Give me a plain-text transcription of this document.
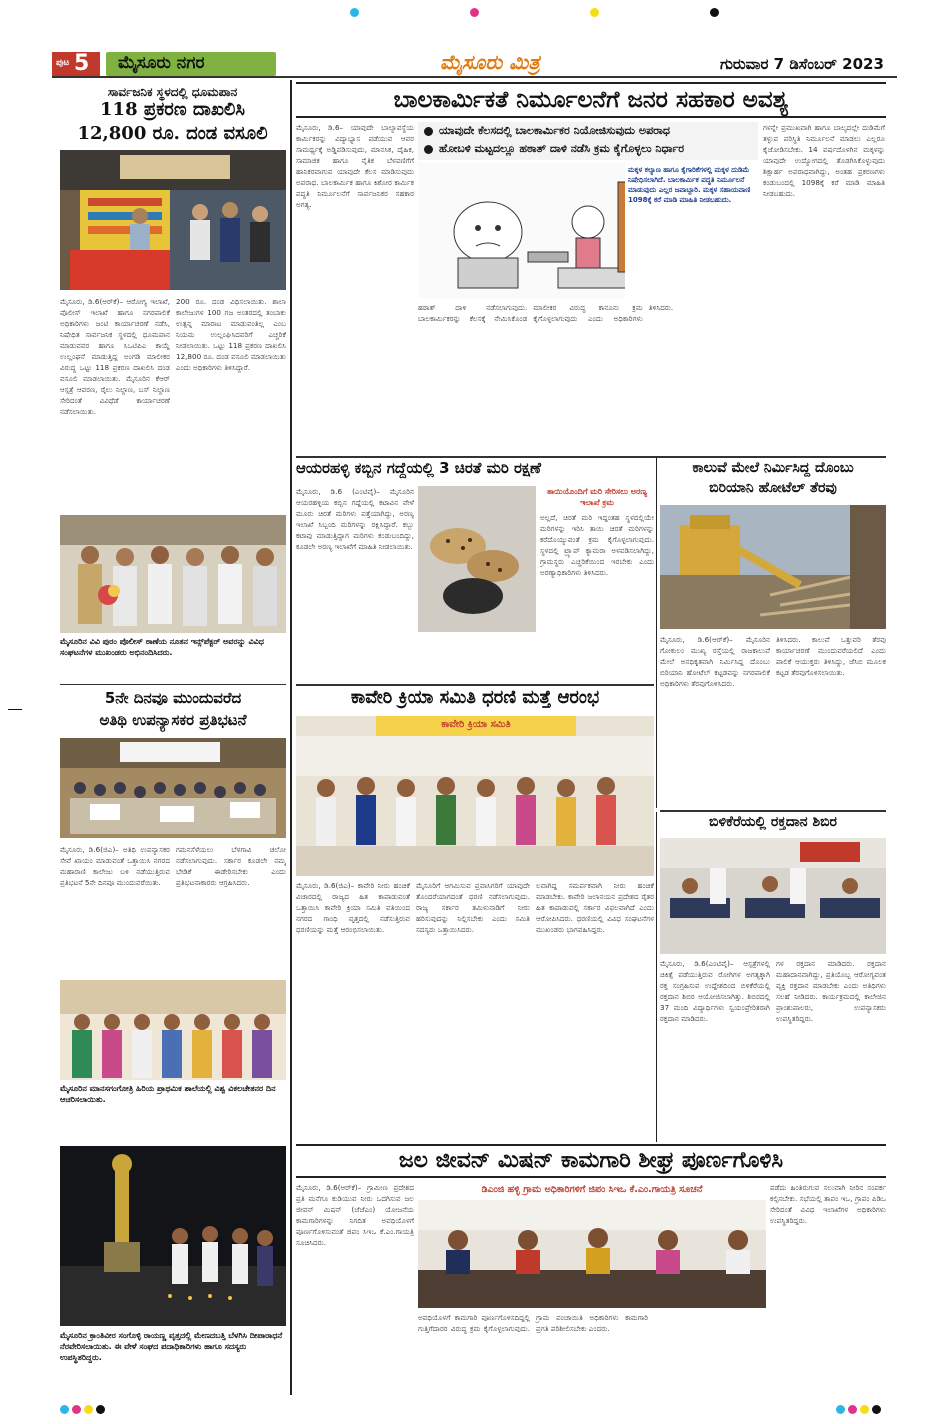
ಪುಟ 5	ಮೈಸೂರು ನಗರ	ಮೈಸೂರು ಮಿತ್ರ	ಗುರುವಾರ 7 ಡಿಸೆಂಬರ್ 2023
ಸಾರ್ವಜನಿಕ ಸ್ಥಳದಲ್ಲಿ ಧೂಮಪಾನ
118 ಪ್ರಕರಣ ದಾಖಲಿಸಿ
12,800 ರೂ. ದಂಡ ವಸೂಲಿ
ಮೈಸೂರು, ಡಿ.6(ಆರ್‌ಕೆ)– ಆರೋಗ್ಯ ಇಲಾಖೆ, ಪೊಲೀಸ್ ಇಲಾಖೆ ಹಾಗೂ ನಗರಪಾಲಿಕೆ ಅಧಿಕಾರಿಗಳು ಜಂಟಿ ಕಾರ್ಯಾಚರಣೆ ನಡೆಸಿ, ನಿಷೇಧಿತ ಸಾರ್ವಜನಿಕ ಸ್ಥಳದಲ್ಲಿ ಧೂಮಪಾನ ಮಾಡುವವರ ಹಾಗೂ ಸಿಒಟಿಪಿಎ ಕಾಯ್ದೆ ಉಲ್ಲಂಘನೆ ಮಾಡುತ್ತಿದ್ದ ಅಂಗಡಿ ಮಾಲೀಕರ ವಿರುದ್ಧ ಒಟ್ಟು 118 ಪ್ರಕರಣ ದಾಖಲಿಸಿ ದಂಡ ವಸೂಲಿ ಮಾಡಲಾಯಿತು. ಮೈಸೂರಿನ ಕೆಆರ್ ಆಸ್ಪತ್ರೆ ಆವರಣ, ರೈಲು ನಿಲ್ದಾಣ, ಬಸ್ ನಿಲ್ದಾಣ ಸೇರಿದಂತೆ ವಿವಿಧೆಡೆ ಕಾರ್ಯಾಚರಣೆ ನಡೆಸಲಾಯಿತು.
200 ರೂ. ದಂಡ ವಿಧಿಸಲಾಯಿತು. ಶಾಲಾ ಕಾಲೇಜುಗಳ 100 ಗಜ ಅಂತರದಲ್ಲಿ ತಂಬಾಕು ಉತ್ಪನ್ನ ಮಾರಾಟ ಮಾಡುವಂತಿಲ್ಲ ಎಂಬ ನಿಯಮ ಉಲ್ಲಂಘಿಸಿದವರಿಗೆ ಎಚ್ಚರಿಕೆ ನೀಡಲಾಯಿತು. ಒಟ್ಟು 118 ಪ್ರಕರಣ ದಾಖಲಿಸಿ 12,800 ರೂ. ದಂಡ ವಸೂಲಿ ಮಾಡಲಾಯಿತು ಎಂದು ಅಧಿಕಾರಿಗಳು ತಿಳಿಸಿದ್ದಾರೆ.
ಮೈಸೂರಿನ ವಿವಿ ಪುರಂ ಪೊಲೀಸ್ ಠಾಣೆಯ ನೂತನ ಇನ್ಸ್‌ಪೆಕ್ಟರ್ ಅವರನ್ನು ವಿವಿಧ ಸಂಘಟನೆಗಳ ಮುಖಂಡರು ಅಭಿನಂದಿಸಿದರು.
5ನೇ ದಿನವೂ ಮುಂದುವರೆದ
ಅತಿಥಿ ಉಪನ್ಯಾಸಕರ ಪ್ರತಿಭಟನೆ
ಮೈಸೂರು, ಡಿ.6(ಜಿಎ)– ಅತಿಥಿ ಉಪನ್ಯಾಸಕರ ಸೇವೆ ಖಾಯಂ ಮಾಡುವಂತೆ ಒತ್ತಾಯಿಸಿ ನಗರದ ಮಹಾರಾಣಿ ಕಾಲೇಜು ಬಳಿ ನಡೆಯುತ್ತಿರುವ ಪ್ರತಿಭಟನೆ 5ನೇ ದಿನವೂ ಮುಂದುವರೆಯಿತು.
ಗಮನಸೆಳೆಯಲು ಬೆಳಗಾವಿ ಚಲೋ ನಡೆಸಲಾಗುವುದು. ಸರ್ಕಾರ ಕೂಡಲೇ ನಮ್ಮ ಬೇಡಿಕೆ ಈಡೇರಿಸಬೇಕು ಎಂದು ಪ್ರತಿಭಟನಾಕಾರರು ಆಗ್ರಹಿಸಿದರು.
ಮೈಸೂರಿನ ಮಾನಸಗಂಗೋತ್ರಿ ಹಿರಿಯ ಪ್ರಾಥಮಿಕ ಶಾಲೆಯಲ್ಲಿ ವಿಶ್ವ ವಿಕಲಚೇತನರ ದಿನ ಆಚರಿಸಲಾಯಿತು.
ಬಾಲಕಾರ್ಮಿಕತೆ ನಿರ್ಮೂಲನೆಗೆ ಜನರ ಸಹಕಾರ ಅವಶ್ಯ
ಮೈಸೂರು, ಡಿ.6– ಯಾವುದೇ ಬಾಲ್ಯಾವಸ್ಥೆಯ ಕಾರ್ಮಿಕರನ್ನು ವಿದ್ಯಾಭ್ಯಾಸ ಪಡೆಯುವ ಆವರ ಸಾಮರ್ಥ್ಯಕ್ಕೆ ಅಡ್ಡಿಪಡಿಸುವುದು, ಮಾನಸಿಕ, ದೈಹಿಕ, ಸಾಮಾಜಿಕ ಹಾಗೂ ನೈತಿಕ ಬೆಳವಣಿಗೆಗೆ ಹಾನಿಕರವಾಗುವ ಯಾವುದೇ ಕೆಲಸ ಮಾಡಿಸುವುದು ಅಪರಾಧ. ಬಾಲಕಾರ್ಮಿಕ ಹಾಗೂ ಕಿಶೋರ ಕಾರ್ಮಿಕ ಪದ್ಧತಿ ನಿರ್ಮೂಲನೆಗೆ ಸಾರ್ವಜನಿಕರ ಸಹಕಾರ ಅಗತ್ಯ.
ಯಾವುದೇ ಕೆಲಸದಲ್ಲಿ ಬಾಲಕಾರ್ಮಿಕರ ನಿಯೋಜಿಸುವುದು ಅಪರಾಧ
ಹೋಬಳಿ ಮಟ್ಟದಲ್ಲೂ ಹಠಾತ್ ದಾಳಿ ನಡೆಸಿ ಕ್ರಮ ಕೈಗೊಳ್ಳಲು ನಿರ್ಧಾರ
ಮಕ್ಕಳ ಕಲ್ಯಾಣ ಹಾಗೂ ಕೈಗಾರಿಕೆಗಳಲ್ಲಿ ಮಕ್ಕಳ ದುಡಿಮೆ ನಿಷೇಧಿಸಲಾಗಿದೆ. ಬಾಲಕಾರ್ಮಿಕ ಪದ್ಧತಿ ನಿರ್ಮೂಲನೆ ಮಾಡುವುದು ಎಲ್ಲರ ಜವಾಬ್ದಾರಿ. ಮಕ್ಕಳ ಸಹಾಯವಾಣಿ 1098ಕ್ಕೆ ಕರೆ ಮಾಡಿ ಮಾಹಿತಿ ನೀಡಬಹುದು.
ಹಠಾತ್ ದಾಳಿ ನಡೆಸಲಾಗುವುದು. ಬಾಲಕಾರ್ಮಿಕರನ್ನು ಕೆಲಸಕ್ಕೆ ನೇಮಿಸಿಕೊಂಡ ಮಾಲೀಕರ ವಿರುದ್ಧ ಕಾನೂನು ಕ್ರಮ ಕೈಗೊಳ್ಳಲಾಗುವುದು ಎಂದು ಅಧಿಕಾರಿಗಳು ತಿಳಿಸಿದರು.
ಗಳನ್ನೇ ಪ್ರಮುಖವಾಗಿ ಹಾಗೂ ಬಾಲ್ಯದಲ್ಲೇ ದುಡಿಮೆಗೆ ತಳ್ಳುವ ಪರಿಸ್ಥಿತಿ ನಿರ್ಮೂಲನೆ ಮಾಡಲು ಎಲ್ಲರೂ ಕೈಜೋಡಿಸಬೇಕು. 14 ವರ್ಷದೊಳಗಿನ ಮಕ್ಕಳನ್ನು ಯಾವುದೇ ಉದ್ಯೋಗದಲ್ಲಿ ತೊಡಗಿಸಿಕೊಳ್ಳುವುದು ಶಿಕ್ಷಾರ್ಹ ಅಪರಾಧವಾಗಿದ್ದು, ಅಂತಹ ಪ್ರಕರಣಗಳು ಕಂಡುಬಂದಲ್ಲಿ 1098ಕ್ಕೆ ಕರೆ ಮಾಡಿ ಮಾಹಿತಿ ನೀಡಬಹುದು.
ಆಯರಹಳ್ಳಿ ಕಬ್ಬಿನ ಗದ್ದೆಯಲ್ಲಿ 3 ಚಿರತೆ ಮರಿ ರಕ್ಷಣೆ
ಮೈಸೂರು, ಡಿ.6 (ಎಂಟಿವೈ)– ಮೈಸೂರಿನ ಆಯರಹಳ್ಳಿಯ ಕಬ್ಬಿನ ಗದ್ದೆಯಲ್ಲಿ ಕಟಾವಿನ ವೇಳೆ ಮೂರು ಚಿರತೆ ಮರಿಗಳು ಪತ್ತೆಯಾಗಿದ್ದು, ಅರಣ್ಯ ಇಲಾಖೆ ಸಿಬ್ಬಂದಿ ಮರಿಗಳನ್ನು ರಕ್ಷಿಸಿದ್ದಾರೆ. ಕಬ್ಬು ಕಟಾವು ಮಾಡುತ್ತಿದ್ದಾಗ ಮರಿಗಳು ಕಂಡುಬಂದಿದ್ದು, ಕೂಡಲೇ ಅರಣ್ಯ ಇಲಾಖೆಗೆ ಮಾಹಿತಿ ನೀಡಲಾಯಿತು.
ತಾಯಿಯೊಂದಿಗೆ ಮರಿ ಸೇರಿಸಲು ಅರಣ್ಯ ಇಲಾಖೆ ಕ್ರಮ
ಅಲ್ಲದೆ, ಚಿರತೆ ಮರಿ ಇದ್ದಂತಹ ಸ್ಥಳದಲ್ಲಿಯೇ ಮರಿಗಳನ್ನು ಇರಿಸಿ ತಾಯಿ ಚಿರತೆ ಮರಿಗಳನ್ನು ಕರೆದೊಯ್ಯುವಂತೆ ಕ್ರಮ ಕೈಗೊಳ್ಳಲಾಗುವುದು. ಸ್ಥಳದಲ್ಲಿ ಟ್ರ್ಯಾಪ್ ಕ್ಯಾಮರಾ ಅಳವಡಿಸಲಾಗಿದ್ದು, ಗ್ರಾಮಸ್ಥರು ಎಚ್ಚರಿಕೆಯಿಂದ ಇರಬೇಕು ಎಂದು ಅರಣ್ಯಾಧಿಕಾರಿಗಳು ತಿಳಿಸಿದರು.
ಕಾಲುವೆ ಮೇಲೆ ನಿರ್ಮಿಸಿದ್ದ ದೊಂಬು
ಬಿರಿಯಾನಿ ಹೋಟೆಲ್ ತೆರವು
ಮೈಸೂರು, ಡಿ.6(ಆರ್‌ಕೆ)– ಮೈಸೂರಿನ ಗೋಕುಲಂ ಮುಖ್ಯ ರಸ್ತೆಯಲ್ಲಿ ರಾಜಕಾಲುವೆ ಮೇಲೆ ಅನಧಿಕೃತವಾಗಿ ನಿರ್ಮಿಸಿದ್ದ ದೊಂಬು ಬಿರಿಯಾನಿ ಹೋಟೆಲ್ ಕಟ್ಟಡವನ್ನು ನಗರಪಾಲಿಕೆ ಅಧಿಕಾರಿಗಳು ತೆರವುಗೊಳಿಸಿದರು.
ತಿಳಿಸಿದರು. ಕಾಲುವೆ ಒತ್ತುವರಿ ತೆರವು ಕಾರ್ಯಾಚರಣೆ ಮುಂದುವರೆಯಲಿದೆ ಎಂದು ಪಾಲಿಕೆ ಆಯುಕ್ತರು ತಿಳಿಸಿದ್ದು, ಜೆಸಿಬಿ ಮೂಲಕ ಕಟ್ಟಡ ತೆರವುಗೊಳಿಸಲಾಯಿತು.
ಕಾವೇರಿ ಕ್ರಿಯಾ ಸಮಿತಿ ಧರಣಿ ಮತ್ತೆ ಆರಂಭ
ಕಾವೇರಿ ಕ್ರಿಯಾ ಸಮಿತಿ
ಮೈಸೂರು, ಡಿ.6(ಜಿಎ)– ಕಾವೇರಿ ನೀರು ಹಂಚಿಕೆ ವಿಚಾರದಲ್ಲಿ ರಾಜ್ಯದ ಹಿತ ಕಾಪಾಡುವಂತೆ ಒತ್ತಾಯಿಸಿ ಕಾವೇರಿ ಕ್ರಿಯಾ ಸಮಿತಿ ವತಿಯಿಂದ ನಗರದ ಗಾಂಧಿ ವೃತ್ತದಲ್ಲಿ ನಡೆಸುತ್ತಿರುವ ಧರಣಿಯನ್ನು ಮತ್ತೆ ಆರಂಭಿಸಲಾಯಿತು.
ಮೈಸೂರಿಗೆ ಆಗಮಿಸುವ ಪ್ರವಾಸಿಗರಿಗೆ ಯಾವುದೇ ತೊಂದರೆಯಾಗದಂತೆ ಧರಣಿ ನಡೆಸಲಾಗುವುದು. ರಾಜ್ಯ ಸರ್ಕಾರ ತಮಿಳುನಾಡಿಗೆ ನೀರು ಹರಿಸುವುದನ್ನು ನಿಲ್ಲಿಸಬೇಕು ಎಂದು ಸಮಿತಿ ಸದಸ್ಯರು ಒತ್ತಾಯಿಸಿದರು.
ಲವಾಗಿದ್ದ ಸಮರ್ಪಕವಾಗಿ ನೀರು ಹಂಚಿಕೆ ಮಾಡಬೇಕು. ಕಾವೇರಿ ಜಲಾನಯನ ಪ್ರದೇಶದ ರೈತರ ಹಿತ ಕಾಪಾಡುವಲ್ಲಿ ಸರ್ಕಾರ ವಿಫಲವಾಗಿದೆ ಎಂದು ಆರೋಪಿಸಿದರು. ಧರಣಿಯಲ್ಲಿ ವಿವಿಧ ಸಂಘಟನೆಗಳ ಮುಖಂಡರು ಭಾಗವಹಿಸಿದ್ದರು.
ಬಿಳಿಕೆರೆಯಲ್ಲಿ ರಕ್ತದಾನ ಶಿಬಿರ
ಮೈಸೂರು, ಡಿ.6(ಎಂಟಿವೈ)– ಆಸ್ಪತ್ರೆಗಳಲ್ಲಿ ಚಿಕಿತ್ಸೆ ಪಡೆಯುತ್ತಿರುವ ರೋಗಿಗಳ ಅಗತ್ಯಕ್ಕಾಗಿ ರಕ್ತ ಸಂಗ್ರಹಿಸುವ ಉದ್ದೇಶದಿಂದ ಬಿಳಿಕೆರೆಯಲ್ಲಿ ರಕ್ತದಾನ ಶಿಬಿರ ಆಯೋಜಿಸಲಾಗಿತ್ತು. ಶಿಬಿರದಲ್ಲಿ 37 ಮಂದಿ ವಿದ್ಯಾರ್ಥಿಗಳು ಸ್ವಯಂಪ್ರೇರಿತರಾಗಿ ರಕ್ತದಾನ ಮಾಡಿದರು.
ಗಳ ರಕ್ತದಾನ ಮಾಡಿದರು. ರಕ್ತದಾನ ಮಹಾದಾನವಾಗಿದ್ದು, ಪ್ರತಿಯೊಬ್ಬ ಆರೋಗ್ಯವಂತ ವ್ಯಕ್ತಿ ರಕ್ತದಾನ ಮಾಡಬೇಕು ಎಂದು ಅತಿಥಿಗಳು ಸಲಹೆ ನೀಡಿದರು. ಕಾರ್ಯಕ್ರಮದಲ್ಲಿ ಕಾಲೇಜಿನ ಪ್ರಾಂಶುಪಾಲರು, ಉಪನ್ಯಾಸಕರು ಉಪಸ್ಥಿತರಿದ್ದರು.
ಮೈಸೂರಿನ ಕ್ರಾಂತಿವೀರ ಸಂಗೊಳ್ಳಿ ರಾಯಣ್ಣ ವೃತ್ತದಲ್ಲಿ ಮೇಣದಬತ್ತಿ ಬೆಳಗಿಸಿ ದೀಪಾರಾಧನೆ ನೆರವೇರಿಸಲಾಯಿತು. ಈ ವೇಳೆ ಸಂಘದ ಪದಾಧಿಕಾರಿಗಳು ಹಾಗೂ ಸದಸ್ಯರು ಉಪಸ್ಥಿತರಿದ್ದರು.
ಜಲ ಜೀವನ್ ಮಿಷನ್ ಕಾಮಗಾರಿ ಶೀಘ್ರ ಪೂರ್ಣಗೊಳಿಸಿ
ಮೈಸೂರು, ಡಿ.6(ಆರ್‌ಕೆ)– ಗ್ರಾಮೀಣ ಪ್ರದೇಶದ ಪ್ರತಿ ಮನೆಗೂ ಕುಡಿಯುವ ನೀರು ಒದಗಿಸುವ ಜಲ ಜೀವನ್ ಮಿಷನ್ (ಜೆಜೆಎಂ) ಯೋಜನೆಯ ಕಾಮಗಾರಿಗಳನ್ನು ನಿಗದಿತ ಅವಧಿಯೊಳಗೆ ಪೂರ್ಣಗೊಳಿಸುವಂತೆ ಜಿಪಂ ಸಿಇಒ ಕೆ.ಎಂ.ಗಾಯತ್ರಿ ಸೂಚಿಸಿದರು.
ಡಿಎಂಜಿ ಹಳ್ಳಿ ಗ್ರಾಮ ಅಧಿಕಾರಿಗಳಿಗೆ ಜಿಪಂ ಸಿಇಒ ಕೆ.ಎಂ.ಗಾಯತ್ರಿ ಸೂಚನೆ
ಅವಧಿಯೊಳಗೆ ಕಾಮಗಾರಿ ಪೂರ್ಣಗೊಳಿಸದಿದ್ದಲ್ಲಿ ಗುತ್ತಿಗೆದಾರರ ವಿರುದ್ಧ ಕ್ರಮ ಕೈಗೊಳ್ಳಲಾಗುವುದು. ಗ್ರಾಮ ಪಂಚಾಯಿತಿ ಅಧಿಕಾರಿಗಳು ಕಾಮಗಾರಿ ಪ್ರಗತಿ ಪರಿಶೀಲಿಸಬೇಕು ಎಂದರು.
ಪಡೆದು ಹಿಂತಿರುಗುವ ಸಲುವಾಗಿ ನೀರಿನ ಸಂಪರ್ಕ ಕಲ್ಪಿಸಬೇಕು. ಸಭೆಯಲ್ಲಿ ತಾಪಂ ಇಒ, ಗ್ರಾಪಂ ಪಿಡಿಒ ಸೇರಿದಂತೆ ವಿವಿಧ ಇಲಾಖೆಗಳ ಅಧಿಕಾರಿಗಳು ಉಪಸ್ಥಿತರಿದ್ದರು.
